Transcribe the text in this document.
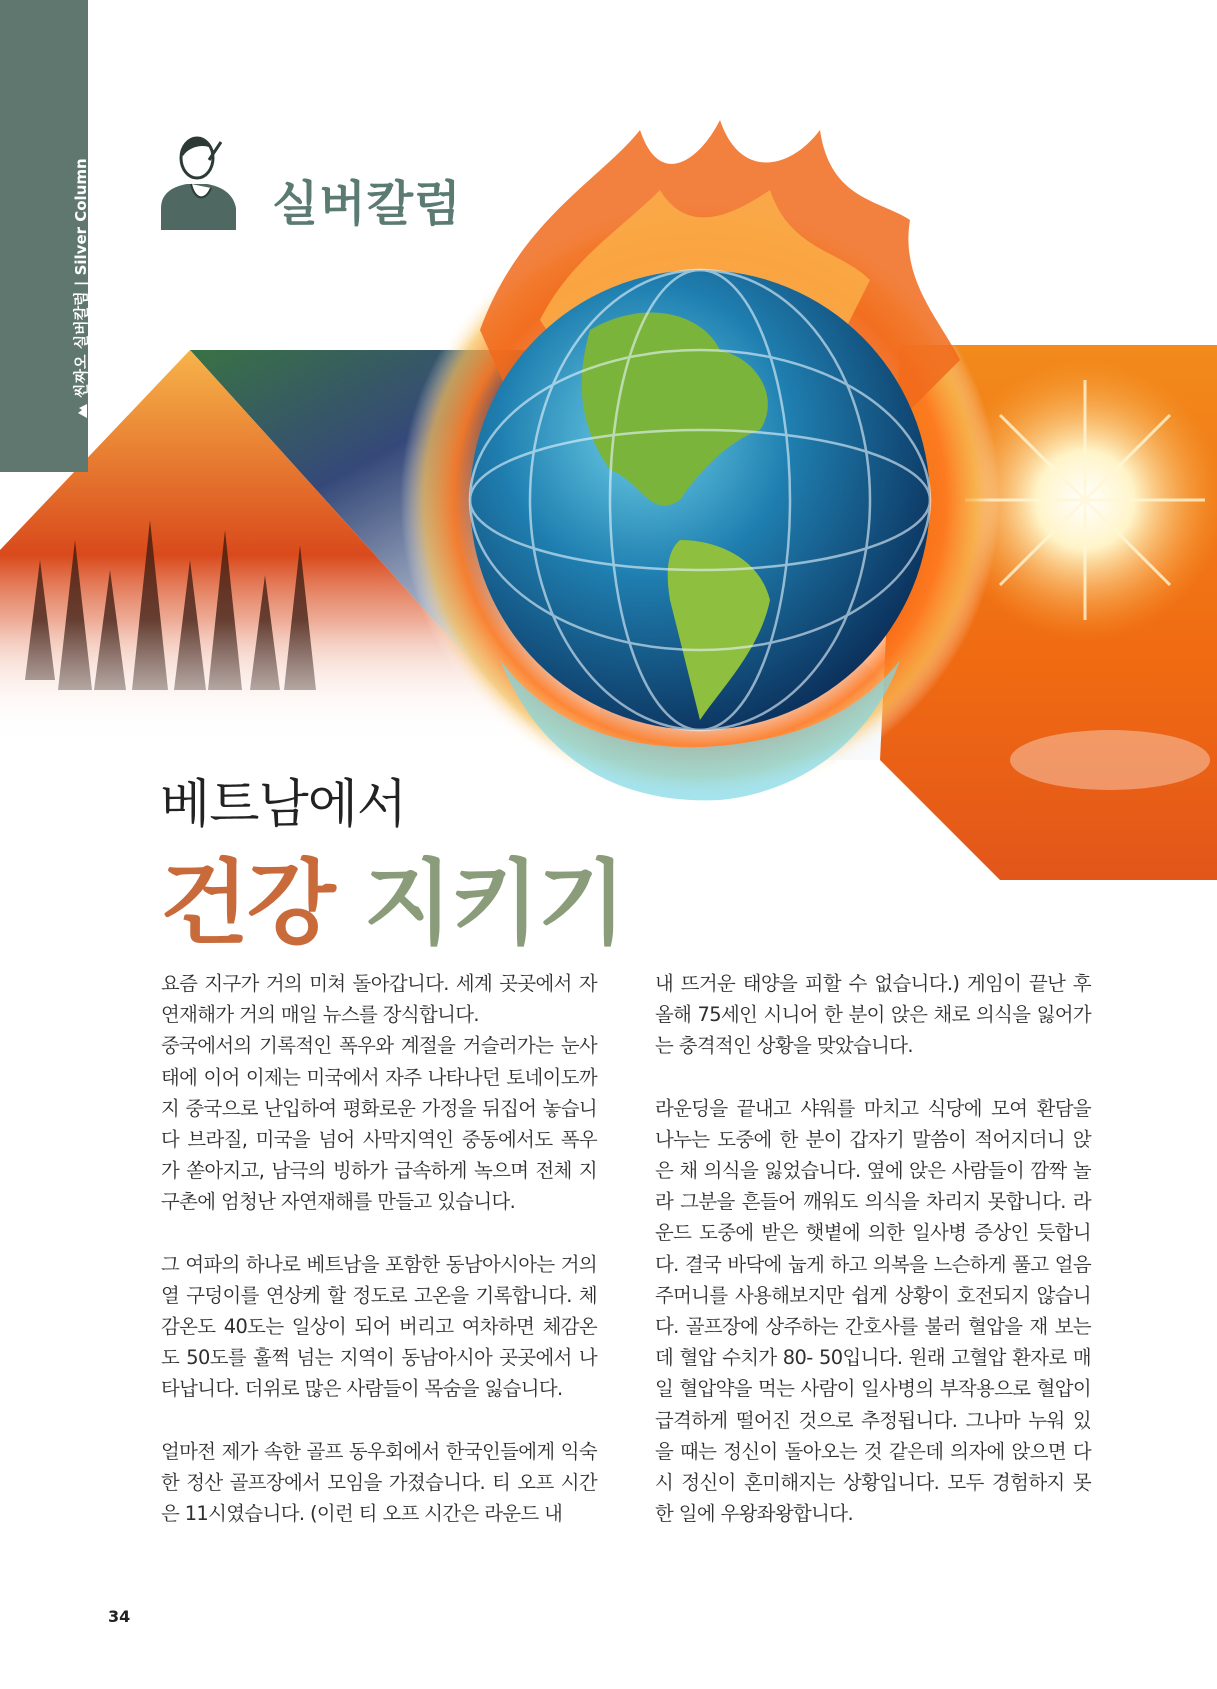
씬짜오 실버칼럼 | Silver Column	실버칼럼
베트남에서
건강 지키기

요즘 지구가 거의 미쳐 돌아갑니다. 세계 곳곳에서 자연재해가 거의 매일 뉴스를 장식합니다.

중국에서의 기록적인 폭우와 계절을 거슬러가는 눈사태에 이어 이제는 미국에서 자주 나타나던 토네이도까지 중국으로 난입하여 평화로운 가정을 뒤집어 놓습니다 브라질, 미국을 넘어 사막지역인 중동에서도 폭우가 쏟아지고, 남극의 빙하가 급속하게 녹으며 전체 지구촌에 엄청난 자연재해를 만들고 있습니다.

그 여파의 하나로 베트남을 포함한 동남아시아는 거의 열 구덩이를 연상케 할 정도로 고온을 기록합니다. 체감온도 40도는 일상이 되어 버리고 여차하면 체감온도 50도를 훌쩍 넘는 지역이 동남아시아 곳곳에서 나타납니다. 더위로 많은 사람들이 목숨을 잃습니다.

얼마전 제가 속한 골프 동우회에서 한국인들에게 익숙한 정산 골프장에서 모임을 가졌습니다. 티 오프 시간은 11시였습니다. (이런 티 오프 시간은 라운드 내

내 뜨거운 태양을 피할 수 없습니다.) 게임이 끝난 후 올해 75세인 시니어 한 분이 앉은 채로 의식을 잃어가는 충격적인 상황을 맞았습니다.

라운딩을 끝내고 샤워를 마치고 식당에 모여 환담을 나누는 도중에 한 분이 갑자기 말씀이 적어지더니 앉은 채 의식을 잃었습니다. 옆에 앉은 사람들이 깜짝 놀라 그분을 흔들어 깨워도 의식을 차리지 못합니다. 라운드 도중에 받은 햇볕에 의한 일사병 증상인 듯합니다. 결국 바닥에 눕게 하고 의복을 느슨하게 풀고 얼음 주머니를 사용해보지만 쉽게 상황이 호전되지 않습니다. 골프장에 상주하는 간호사를 불러 혈압을 재 보는데 혈압 수치가 80- 50입니다. 원래 고혈압 환자로 매일 혈압약을 먹는 사람이 일사병의 부작용으로 혈압이 급격하게 떨어진 것으로 추정됩니다. 그나마 누워 있을 때는 정신이 돌아오는 것 같은데 의자에 앉으면 다시 정신이 혼미해지는 상황입니다. 모두 경험하지 못한 일에 우왕좌왕합니다.

34
